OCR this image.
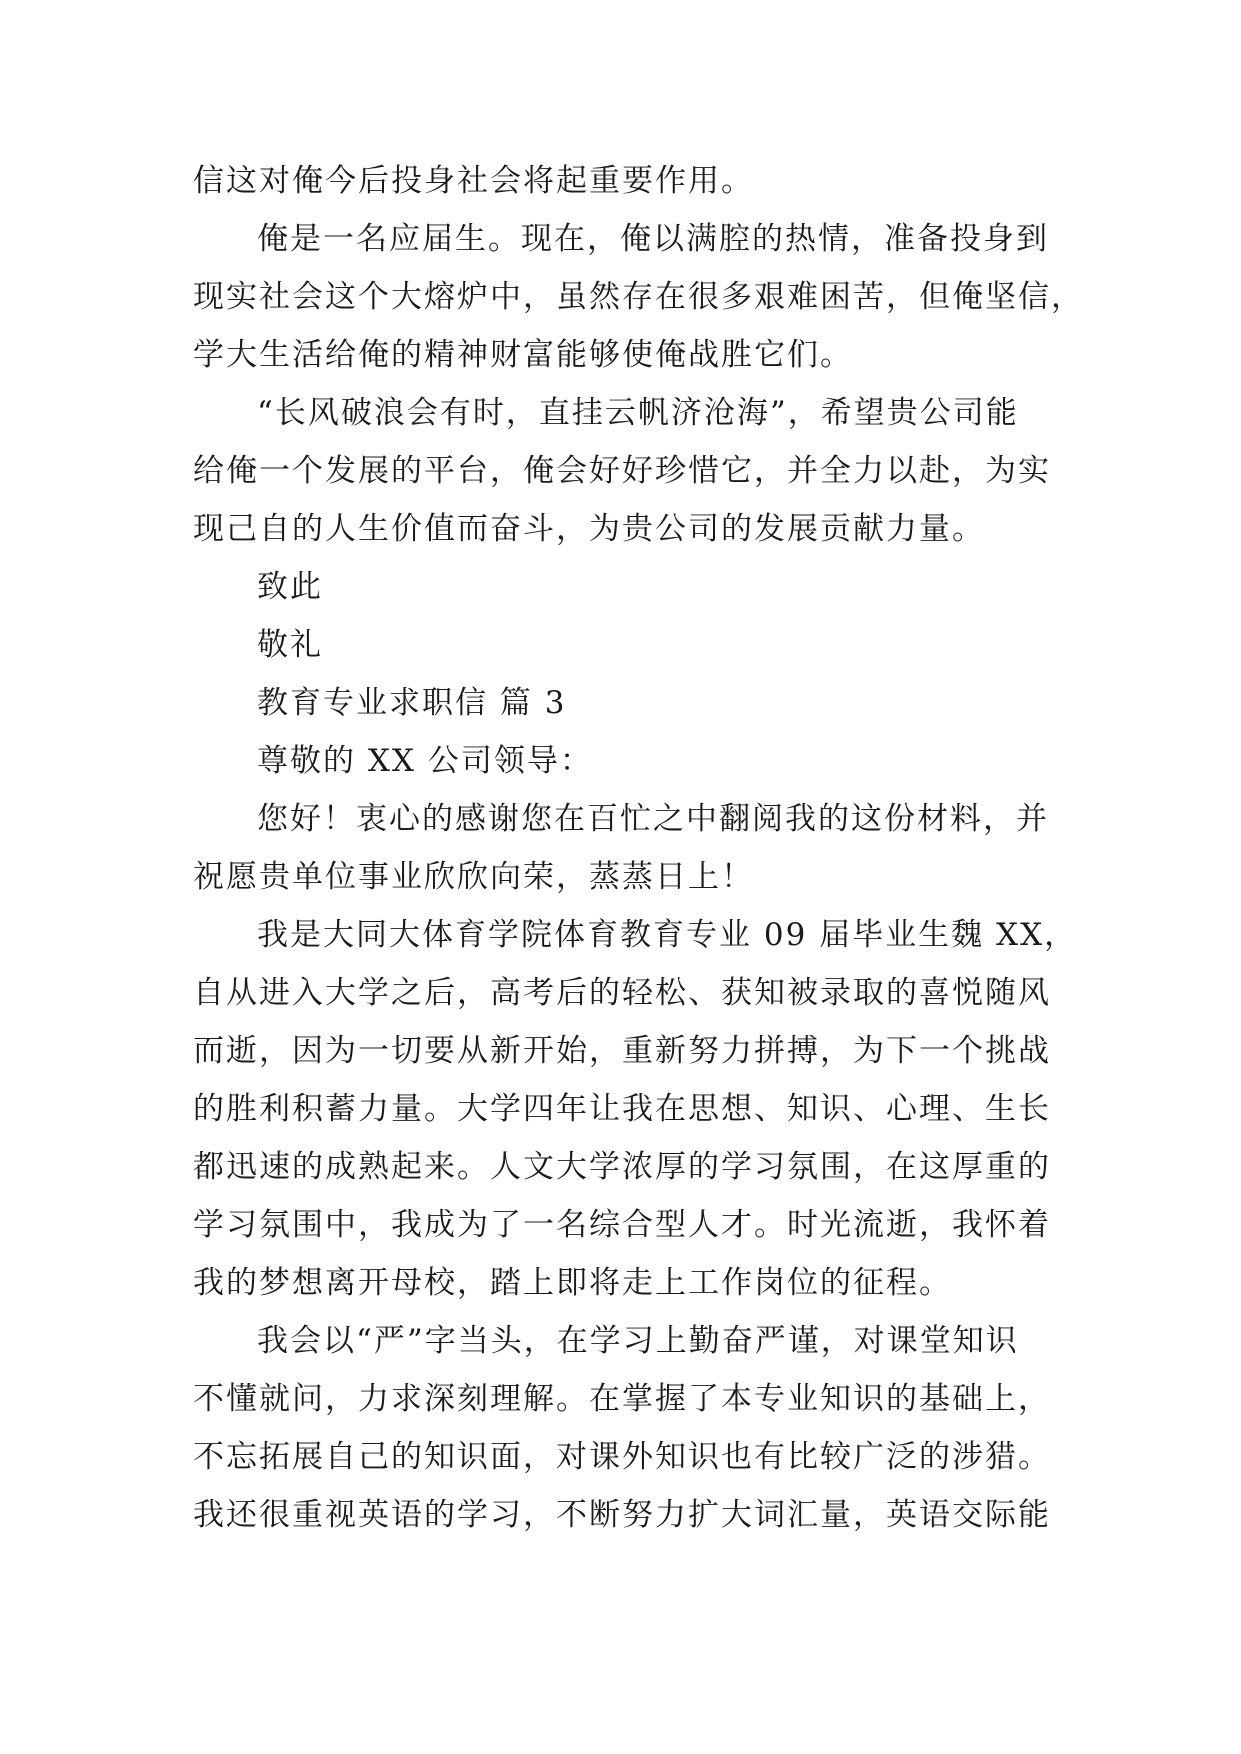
信这对俺今后投身社会将起重要作用。
俺是一名应届生。现在，俺以满腔的热情，准备投身到
现实社会这个大熔炉中，虽然存在很多艰难困苦，但俺坚信，
学大生活给俺的精神财富能够使俺战胜它们。
“长风破浪会有时，直挂云帆济沧海”，希望贵公司能
给俺一个发展的平台，俺会好好珍惜它，并全力以赴，为实
现己自的人生价值而奋斗，为贵公司的发展贡献力量。
致此
敬礼
教育专业求职信 篇 3
尊敬的 XX 公司领导：
您好！衷心的感谢您在百忙之中翻阅我的这份材料，并
祝愿贵单位事业欣欣向荣，蒸蒸日上！
我是大同大体育学院体育教育专业 09 届毕业生魏 XX，
自从进入大学之后，高考后的轻松、获知被录取的喜悦随风
而逝，因为一切要从新开始，重新努力拼搏，为下一个挑战
的胜利积蓄力量。大学四年让我在思想、知识、心理、生长
都迅速的成熟起来。人文大学浓厚的学习氛围，在这厚重的
学习氛围中，我成为了一名综合型人才。时光流逝，我怀着
我的梦想离开母校，踏上即将走上工作岗位的征程。
我会以“严”字当头，在学习上勤奋严谨，对课堂知识
不懂就问，力求深刻理解。在掌握了本专业知识的基础上，
不忘拓展自己的知识面，对课外知识也有比较广泛的涉猎。
我还很重视英语的学习，不断努力扩大词汇量，英语交际能
